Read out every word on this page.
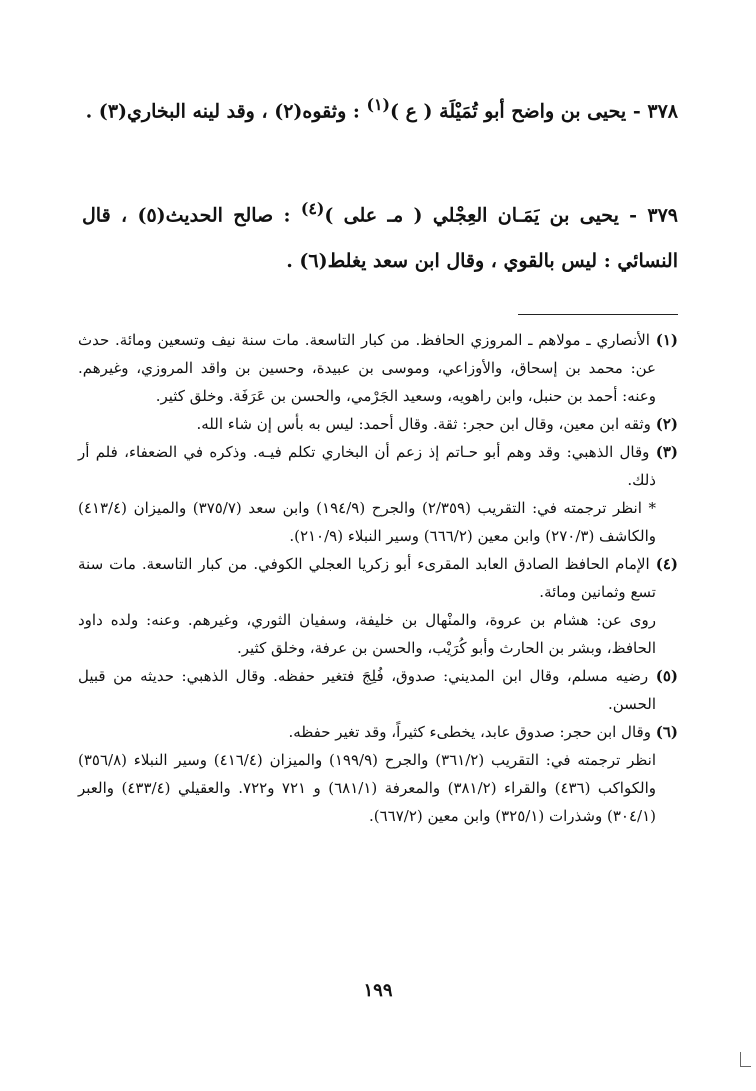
٣٧٨ - يحيى بن واضح أبو تُمَيْلَة ( ع )$^{(١)}$ : وثقوه(٢) ، وقد لينه البخاري(٣) .

٣٧٩ - يحيى بن يَمَـان العِجْلي ( مـ على )$^{(٤)}$ : صالح الحديث(٥) ، قال النسائي : ليس بالقوي ، وقال ابن سعد يغلط(٦) .

(١) الأنصاري ـ مولاهم ـ المروزي الحافظ. من كبار التاسعة. مات سنة نيف وتسعين ومائة. حدث عن: محمد بن إسحاق، والأوزاعي، وموسى بن عبيدة، وحسين بن واقد المروزي، وغيرهم. وعنه: أحمد بن حنبل، وابن راهويه، وسعيد الجَرْمي، والحسن بن عَرَفَة. وخلق كثير.

(٢) وثقه ابن معين، وقال ابن حجر: ثقة. وقال أحمد: ليس به بأس إن شاء الله.

(٣) وقال الذهبي: وقد وهم أبو حـاتم إذ زعم أن البخاري تكلم فيـه. وذكره في الضعفاء، فلم أر ذلك.

* انظر ترجمته في: التقريب (٢/٣٥٩) والجرح (١٩٤/٩) وابن سعد (٣٧٥/٧) والميزان (٤١٣/٤) والكاشف (٢٧٠/٣) وابن معين (٦٦٦/٢) وسير النبلاء (٢١٠/٩).

(٤) الإمام الحافظ الصادق العابد المقرىء أبو زكريا العجلي الكوفي. من كبار التاسعة. مات سنة تسع وثمانين ومائة.

روى عن: هشام بن عروة، والمنْهال بن خليفة، وسفيان الثوري، وغيرهم. وعنه: ولده داود الحافظ، وبشر بن الحارث وأبو كُرَيْب، والحسن بن عرفة، وخلق كثير.

(٥) رضيه مسلم، وقال ابن المديني: صدوق، فُلِجَ فتغير حفظه. وقال الذهبي: حديثه من قبيل الحسن.

(٦) وقال ابن حجر: صدوق عابد، يخطىء كثيراً، وقد تغير حفظه.

انظر ترجمته في: التقريب (٣٦١/٢) والجرح (١٩٩/٩) والميزان (٤١٦/٤) وسير النبلاء (٣٥٦/٨) والكواكب (٤٣٦) والقراء (٣٨١/٢) والمعرفة (٦٨١/١) و ٧٢١ و٧٢٢. والعقيلي (٤٣٣/٤) والعبر (٣٠٤/١) وشذرات (٣٢٥/١) وابن معين (٦٦٧/٢).

١٩٩
